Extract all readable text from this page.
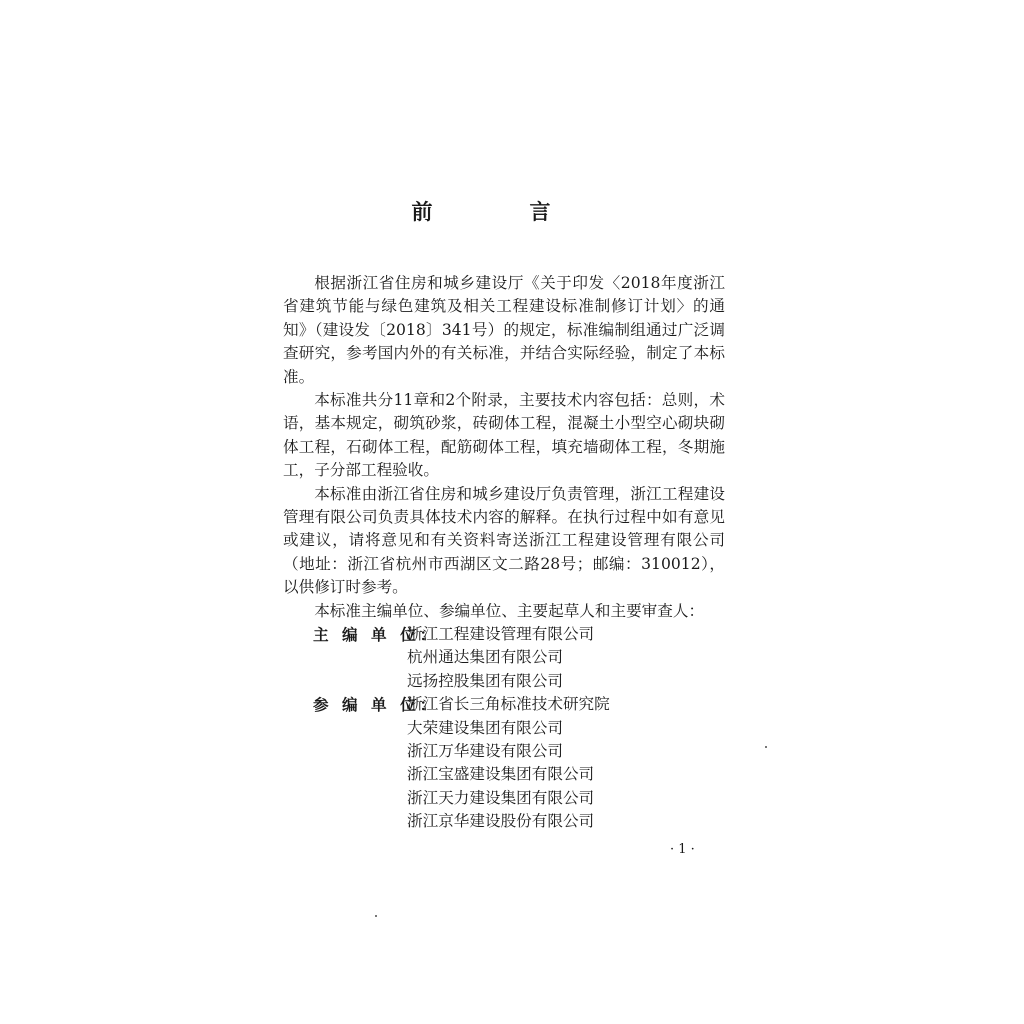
前　言

根据浙江省住房和城乡建设厅《关于印发〈2018年度浙江省建筑节能与绿色建筑及相关工程建设标准制修订计划〉的通知》（建设发〔2018〕341号）的规定，标准编制组通过广泛调查研究，参考国内外的有关标准，并结合实际经验，制定了本标准。

本标准共分11章和2个附录，主要技术内容包括：总则，术语，基本规定，砌筑砂浆，砖砌体工程，混凝土小型空心砌块砌体工程，石砌体工程，配筋砌体工程，填充墙砌体工程，冬期施工，子分部工程验收。

本标准由浙江省住房和城乡建设厅负责管理，浙江工程建设管理有限公司负责具体技术内容的解释。在执行过程中如有意见或建议，请将意见和有关资料寄送浙江工程建设管理有限公司（地址：浙江省杭州市西湖区文二路28号；邮编：310012），以供修订时参考。

本标准主编单位、参编单位、主要起草人和主要审查人：

主 编 单 位：
浙江工程建设管理有限公司
杭州通达集团有限公司
远扬控股集团有限公司
参 编 单 位：
浙江省长三角标准技术研究院
大荣建设集团有限公司
浙江万华建设有限公司
浙江宝盛建设集团有限公司
浙江天力建设集团有限公司
浙江京华建设股份有限公司
· 1 ·
